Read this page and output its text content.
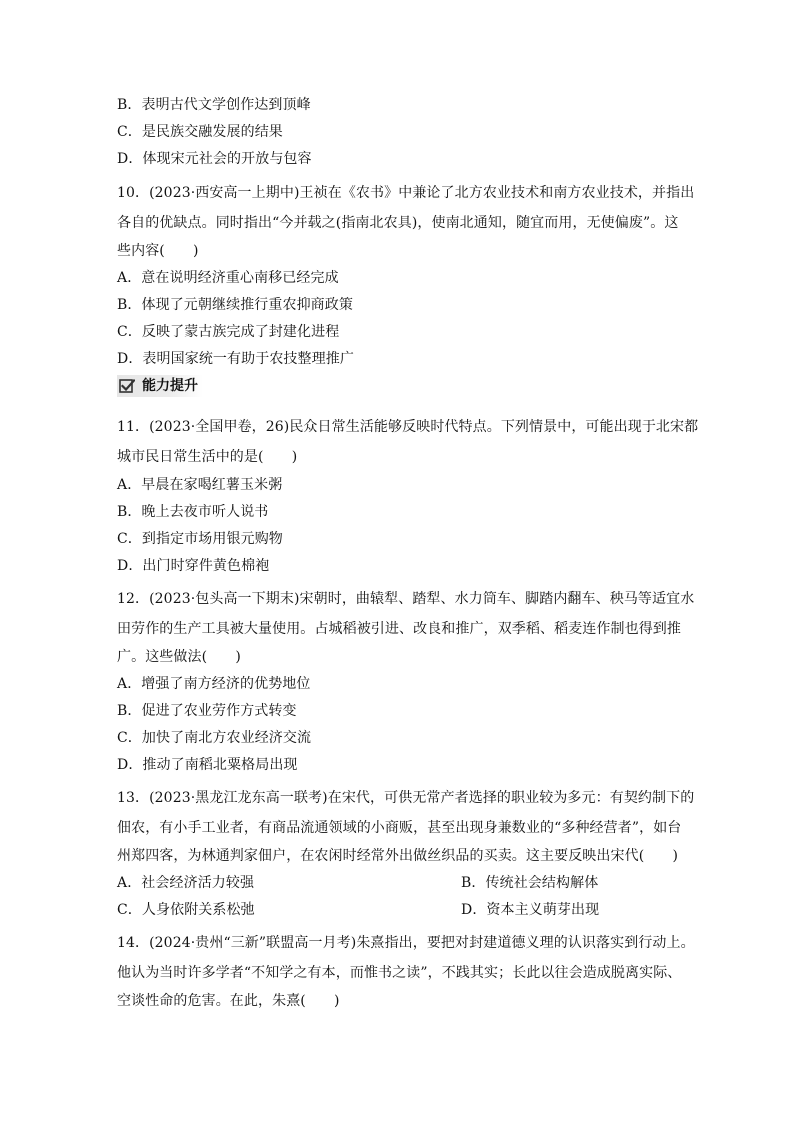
B．表明古代文学创作达到顶峰
C．是民族交融发展的结果
D．体现宋元社会的开放与包容
10．(2023·西安高一上期中)王祯在《农书》中兼论了北方农业技术和南方农业技术，并指出
各自的优缺点。同时指出“今并载之(指南北农具)，使南北通知，随宜而用，无使偏废”。这
些内容(　　)
A．意在说明经济重心南移已经完成
B．体现了元朝继续推行重农抑商政策
C．反映了蒙古族完成了封建化进程
D．表明国家统一有助于农技整理推广
能力提升
11．(2023·全国甲卷，26)民众日常生活能够反映时代特点。下列情景中，可能出现于北宋都
城市民日常生活中的是(　　)
A．早晨在家喝红薯玉米粥
B．晚上去夜市听人说书
C．到指定市场用银元购物
D．出门时穿件黄色棉袍
12．(2023·包头高一下期末)宋朝时，曲辕犁、踏犁、水力筒车、脚踏内翻车、秧马等适宜水
田劳作的生产工具被大量使用。占城稻被引进、改良和推广，双季稻、稻麦连作制也得到推
广。这些做法(　　)
A．增强了南方经济的优势地位
B．促进了农业劳作方式转变
C．加快了南北方农业经济交流
D．推动了南稻北粟格局出现
13．(2023·黑龙江龙东高一联考)在宋代，可供无常产者选择的职业较为多元：有契约制下的
佃农，有小手工业者，有商品流通领域的小商贩，甚至出现身兼数业的“多种经营者”，如台
州郑四客，为林通判家佃户，在农闲时经常外出做丝织品的买卖。这主要反映出宋代(　　)
A．社会经济活力较强	B．传统社会结构解体
C．人身依附关系松弛	D．资本主义萌芽出现
14．(2024·贵州“三新”联盟高一月考)朱熹指出，要把对封建道德义理的认识落实到行动上。
他认为当时许多学者“不知学之有本，而惟书之读”，不践其实；长此以往会造成脱离实际、
空谈性命的危害。在此，朱熹(　　)
